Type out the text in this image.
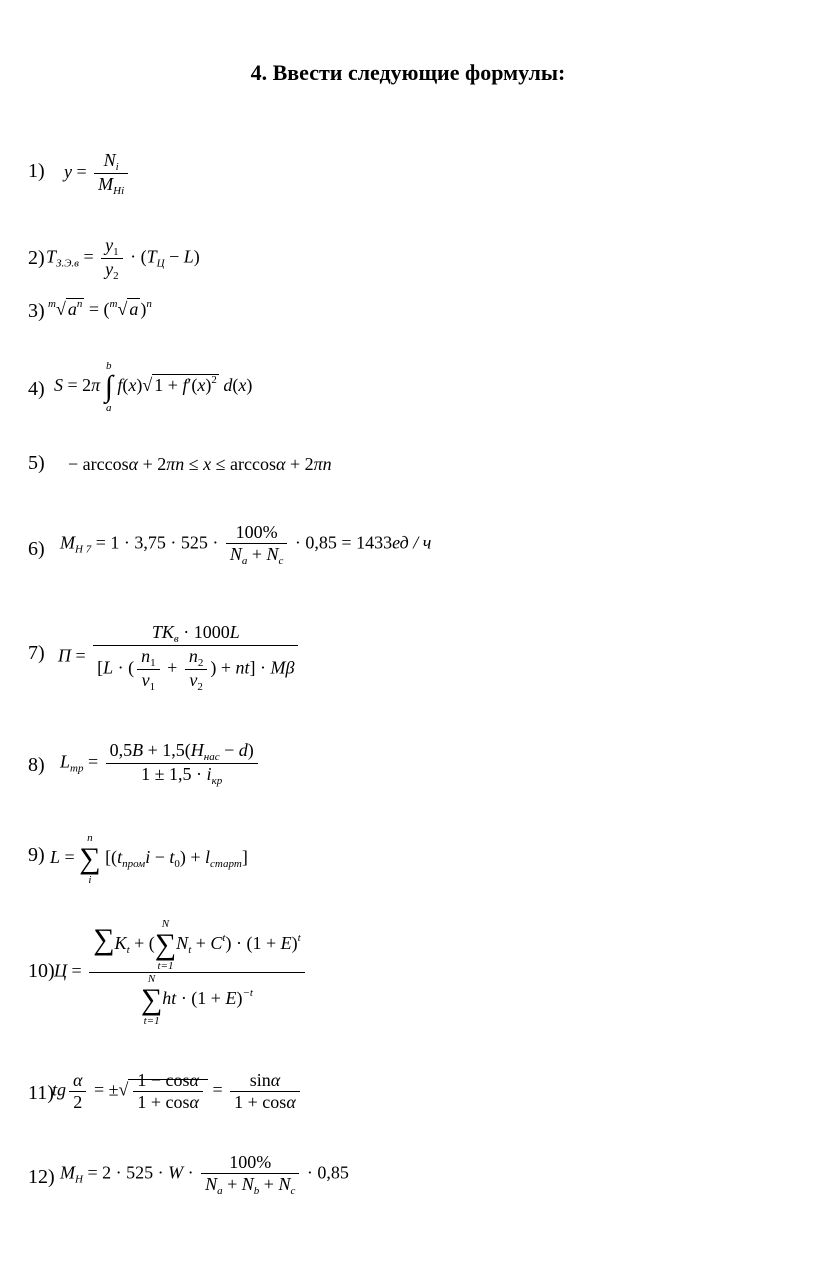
4. Ввести следующие формулы:
1) y =
$N_i$
$M_{Hi}$
2) $T_{З.Э.в} = \frac{y_1}{y_2} \cdot (T_Ц - L)$
3) $^m$√ $a^n = (^m√$ a )$^n$
4) S = 2π
b
∫
a
f(x)√ $1 + f'(x)^2$ d(x)
5) − arccosα + 2πn ≤ x ≤ arccosα + 2πn
6) $M_{H 7} = 1 \cdot 3,75 \cdot 525 \cdot \frac{100\%}{N_a + N_c} \cdot 0,85 = 1433ед / ч$
7) П =
$TK_в \cdot 1000L$
[L · ( $\frac{n_1}{v_1} + \frac{n_2}{v_2}$ ) + nt] · Mβ
8) $L_{тр}$ =
$0,5B + 1,5(H_{нас} - d)$
$1 \pm 1,5 \cdot i_{кр}$
9) L =
n
∑
i
$[(t_{пром}i - t_0) + l_{старт}]$
10) $Ц = \sum K_t$ + (
N
∑
t=1
$N_t + C^t) \cdot (1 + E)^t$
N
∑
t=1
ht · $(1 + E)^{-t}$
11)
tg $\frac{\alpha}{2}$ = ±√ $\frac{1 - \cos\alpha}{1 + \cos\alpha} = \frac{\sin\alpha}{1 + \cos\alpha}$
12) $M_H = 2 \cdot 525 \cdot W \cdot \frac{100\%}{N_a + N_b + N_c} \cdot 0,85$
